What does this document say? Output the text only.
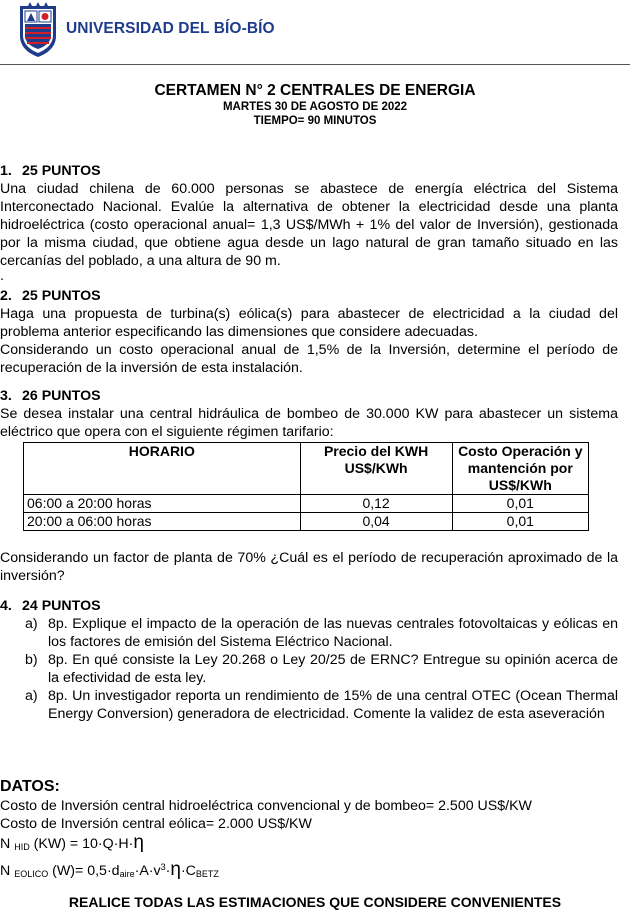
UNIVERSIDAD DEL BÍO-BÍO
CERTAMEN N° 2 CENTRALES DE ENERGIA
MARTES 30 DE AGOSTO DE 2022
TIEMPO= 90 MINUTOS

1. 25 PUNTOS

Una ciudad chilena de 60.000 personas se abastece de energía eléctrica del Sistema Interconectado Nacional. Evalúe la alternativa de obtener la electricidad desde una planta hidroeléctrica (costo operacional anual= 1,3 US$/MWh + 1% del valor de Inversión), gestionada por la misma ciudad, que obtiene agua desde un lago natural de gran tamaño situado en las cercanías del poblado, a una altura de 90 m.

.

2. 25 PUNTOS

Haga una propuesta de turbina(s) eólica(s) para abastecer de electricidad a la ciudad del problema anterior especificando las dimensiones que considere adecuadas.

Considerando un costo operacional anual de 1,5% de la Inversión, determine el período de recuperación de la inversión de esta instalación.

3. 26 PUNTOS

Se desea instalar una central hidráulica de bombeo de 30.000 KW para abastecer un sistema eléctrico que opera con el siguiente régimen tarifario:

HORARIO	Precio del KWH US$/KWh	Costo Operación y mantención por US$/KWh
06:00 a 20:00 horas	0,12	0,01
20:00 a 06:00 horas	0,04	0,01

Considerando un factor de planta de 70% ¿Cuál es el período de recuperación aproximado de la inversión?

4. 24 PUNTOS

a) 8p. Explique el impacto de la operación de las nuevas centrales fotovoltaicas y eólicas en los factores de emisión del Sistema Eléctrico Nacional.
b) 8p. En qué consiste la Ley 20.268 o Ley 20/25 de ERNC? Entregue su opinión acerca de la efectividad de esta ley.
a) 8p. Un investigador reporta un rendimiento de 15% de una central OTEC (Ocean Thermal Energy Conversion) generadora de electricidad. Comente la validez de esta aseveración

DATOS:

Costo de Inversión central hidroeléctrica convencional y de bombeo= 2.500 US$/KW

Costo de Inversión central eólica= 2.000 US$/KW

N $_{HID}$ (KW) = 10·Q·H·η

N $_{EOLICO}$ $(W)= 0,5\cdot d_{aire}\cdot A\cdot v^3\cdot\eta\cdot C_{BETZ}$

REALICE TODAS LAS ESTIMACIONES QUE CONSIDERE CONVENIENTES
